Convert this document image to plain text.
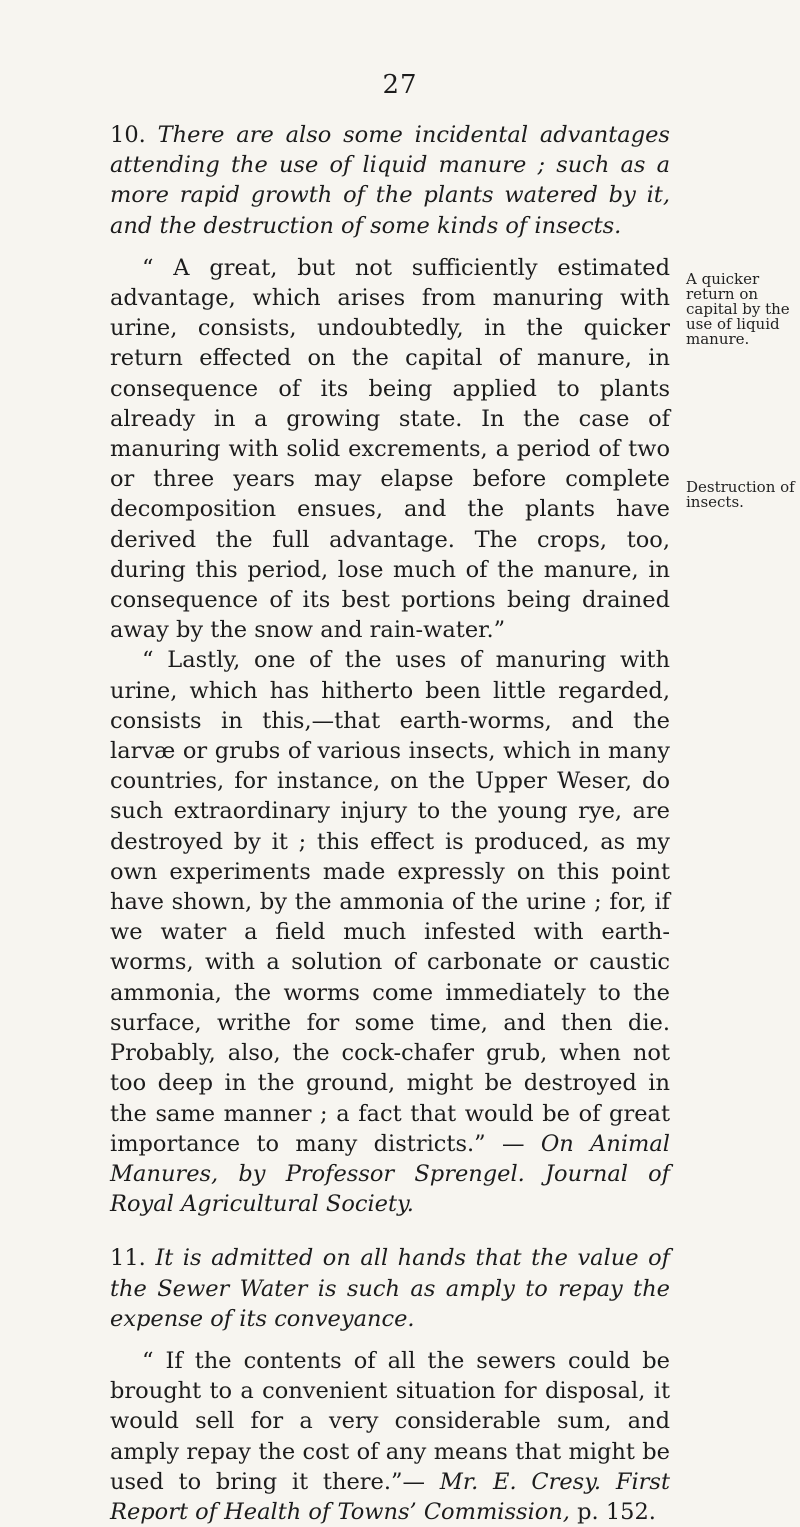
27

10. There are also some incidental advantages attending the use of liquid manure ; such as a more rapid growth of the plants watered by it, and the destruction of some kinds of insects.

“ A great, but not sufficiently estimated advantage, which arises from manuring with urine, consists, undoubtedly, in the quicker return effected on the capital of manure, in consequence of its being applied to plants already in a growing state. In the case of manuring with solid excrements, a period of two or three years may elapse before complete decomposition ensues, and the plants have derived the full advantage. The crops, too, during this period, lose much of the manure, in consequence of its best portions being drained away by the snow and rain-water.”

“ Lastly, one of the uses of manuring with urine, which has hitherto been little regarded, consists in this,—that earth-worms, and the larvæ or grubs of various insects, which in many countries, for instance, on the Upper Weser, do such extraordinary injury to the young rye, are destroyed by it ; this effect is produced, as my own experiments made expressly on this point have shown, by the ammonia of the urine ; for, if we water a field much infested with earth-worms, with a solution of carbonate or caustic ammonia, the worms come immediately to the surface, writhe for some time, and then die. Probably, also, the cock-chafer grub, when not too deep in the ground, might be destroyed in the same manner ; a fact that would be of great importance to many districts.” — On Animal Manures, by Professor Sprengel. Journal of Royal Agricultural Society.

11. It is admitted on all hands that the value of the Sewer Water is such as amply to repay the expense of its conveyance.

“ If the contents of all the sewers could be brought to a convenient situation for disposal, it would sell for a very considerable sum, and amply repay the cost of any means that might be used to bring it there.”— Mr. E. Cresy. First Report of Health of Towns’ Commission, p. 152.

A quicker return on capital by the use of liquid manure.
Destruction of insects.
